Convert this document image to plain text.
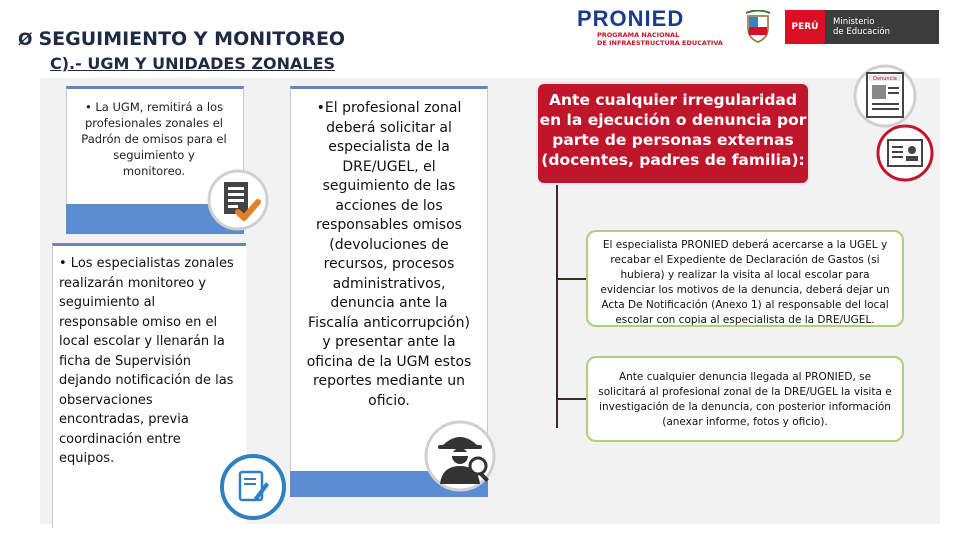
Ø SEGUIMIENTO Y MONITOREO
C).- UGM Y UNIDADES ZONALES
PRONIED
PROGRAMA NACIONAL
DE INFRAESTRUCTURA EDUCATIVA
PERÚ	Ministerio
de Educación
• La UGM, remitirá a los profesionales zonales el Padrón de omisos para el seguimiento y monitoreo.
• Los especialistas zonales realizarán monitoreo y seguimiento al responsable omiso en el local escolar y llenarán la ficha de Supervisión dejando notificación de las observaciones encontradas, previa coordinación entre equipos.
•El profesional zonal deberá solicitar al especialista de la DRE/UGEL, el seguimiento de las acciones de los responsables omisos (devoluciones de recursos, procesos administrativos, denuncia ante la Fiscalía anticorrupción) y presentar ante la oficina de la UGM estos reportes mediante un oficio.
Ante cualquier irregularidad en la ejecución o denuncia por parte de personas externas (docentes, padres de familia):
Denuncia
El especialista PRONIED deberá acercarse a la UGEL y recabar el Expediente de Declaración de Gastos (si hubiera) y realizar la visita al local escolar para evidenciar los motivos de la denuncia, deberá dejar un Acta De Notificación (Anexo 1) al responsable del local escolar con copia al especialista de la DRE/UGEL.
Ante cualquier denuncia llegada al PRONIED, se solicitará al profesional zonal de la DRE/UGEL la visita e investigación de la denuncia, con posterior información (anexar informe, fotos y oficio).
